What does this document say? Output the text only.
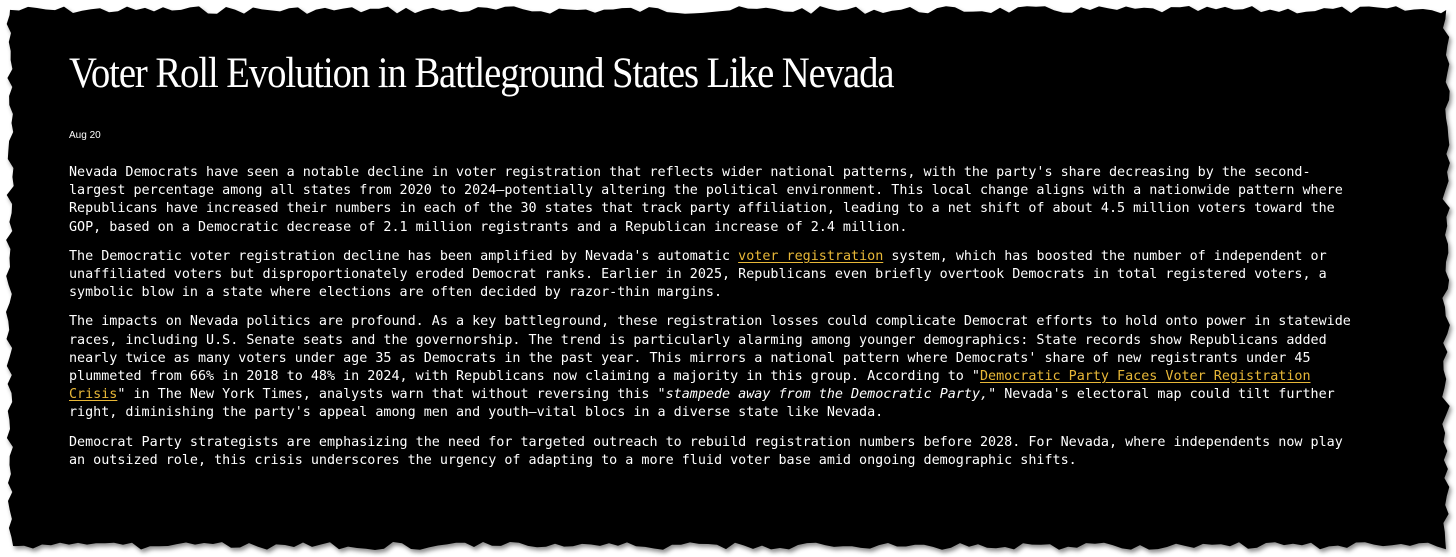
Voter Roll Evolution in Battleground States Like Nevada
Aug 20

Nevada Democrats have seen a notable decline in voter registration that reflects wider national patterns, with the party's share decreasing by the second-largest percentage among all states from 2020 to 2024—potentially altering the political environment. This local change aligns with a nationwide pattern where Republicans have increased their numbers in each of the 30 states that track party affiliation, leading to a net shift of about 4.5 million voters toward the GOP, based on a Democratic decrease of 2.1 million registrants and a Republican increase of 2.4 million.

The Democratic voter registration decline has been amplified by Nevada's automatic voter registration system, which has boosted the number of independent or unaffiliated voters but disproportionately eroded Democrat ranks. Earlier in 2025, Republicans even briefly overtook Democrats in total registered voters, a symbolic blow in a state where elections are often decided by razor-thin margins.

The impacts on Nevada politics are profound. As a key battleground, these registration losses could complicate Democrat efforts to hold onto power in statewide races, including U.S. Senate seats and the governorship. The trend is particularly alarming among younger demographics: State records show Republicans added nearly twice as many voters under age 35 as Democrats in the past year. This mirrors a national pattern where Democrats' share of new registrants under 45 plummeted from 66% in 2018 to 48% in 2024, with Republicans now claiming a majority in this group. According to "Democratic Party Faces Voter Registration Crisis" in The New York Times, analysts warn that without reversing this "stampede away from the Democratic Party," Nevada's electoral map could tilt further right, diminishing the party's appeal among men and youth—vital blocs in a diverse state like Nevada.

Democrat Party strategists are emphasizing the need for targeted outreach to rebuild registration numbers before 2028. For Nevada, where independents now play an outsized role, this crisis underscores the urgency of adapting to a more fluid voter base amid ongoing demographic shifts.
